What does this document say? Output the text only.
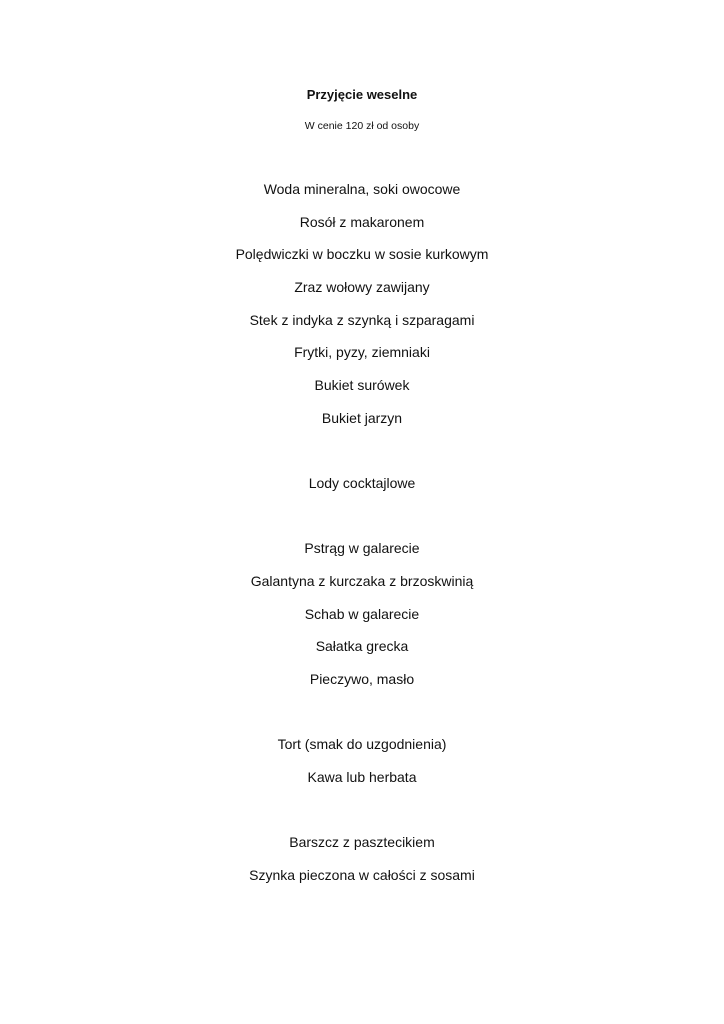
Przyjęcie weselne
W cenie 120 zł od osoby
Woda mineralna, soki owocowe
Rosół z makaronem
Polędwiczki w boczku w sosie kurkowym
Zraz wołowy zawijany
Stek z indyka z szynką i szparagami
Frytki, pyzy, ziemniaki
Bukiet surówek
Bukiet jarzyn
Lody cocktajlowe
Pstrąg w galarecie
Galantyna z kurczaka z brzoskwinią
Schab w galarecie
Sałatka grecka
Pieczywo, masło
Tort (smak do uzgodnienia)
Kawa lub herbata
Barszcz z pasztecikiem
Szynka pieczona w całości z sosami
